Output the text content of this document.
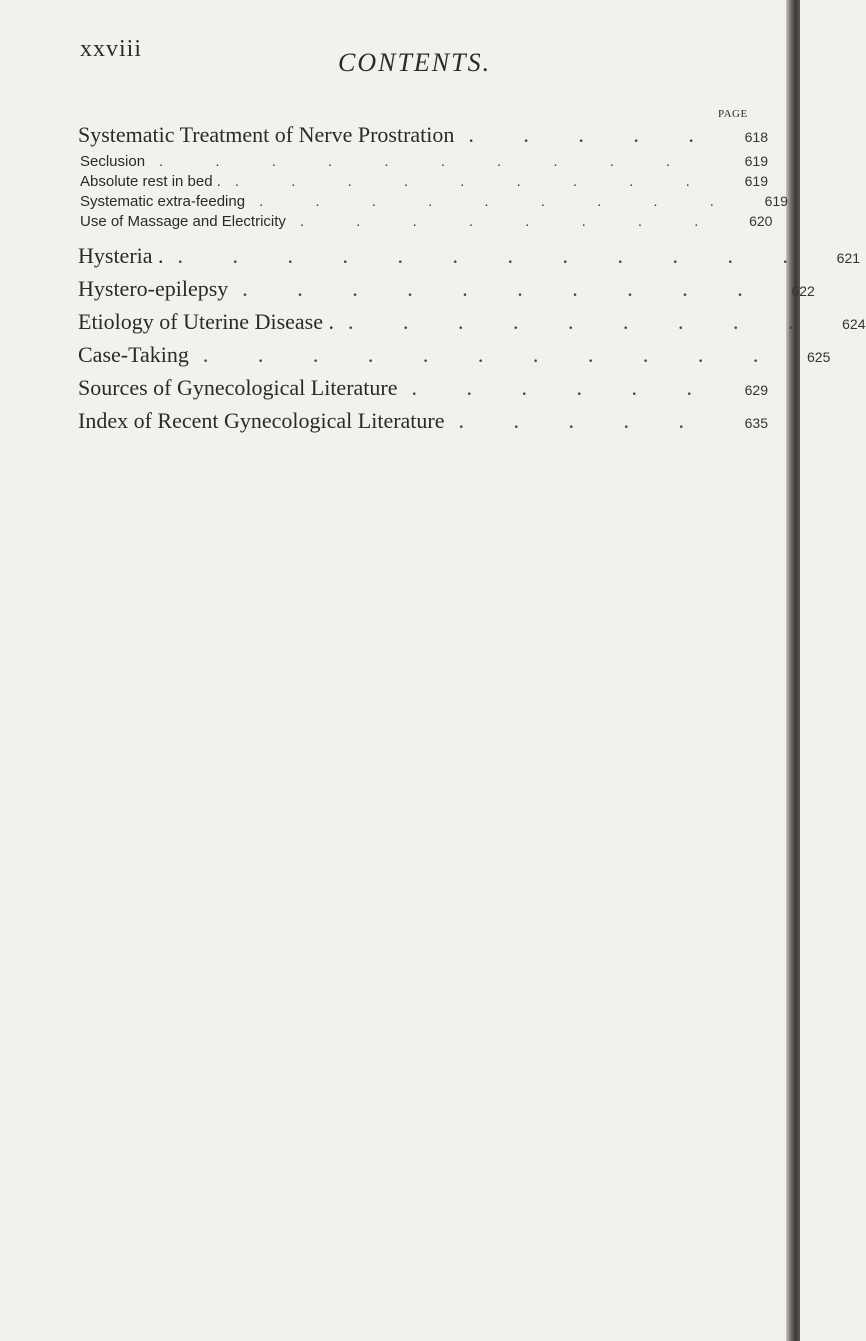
xxviii	CONTENTS.
PAGE
Systematic Treatment of Nerve Prostration . . . . .	618
Seclusion . . . . . . . . . .	619
Absolute rest in bed . . . . . . . . . .	619
Systematic extra-feeding . . . . . . . . .	619
Use of Massage and Electricity . . . . . . . .	620
Hysteria . . . . . . . . . . . . .	621
Hystero-epilepsy . . . . . . . . . .	622
Etiology of Uterine Disease . . . . . . . . . .	624
Case-Taking . . . . . . . . . . .	625
Sources of Gynecological Literature . . . . . .	629
Index of Recent Gynecological Literature . . . . .	635
